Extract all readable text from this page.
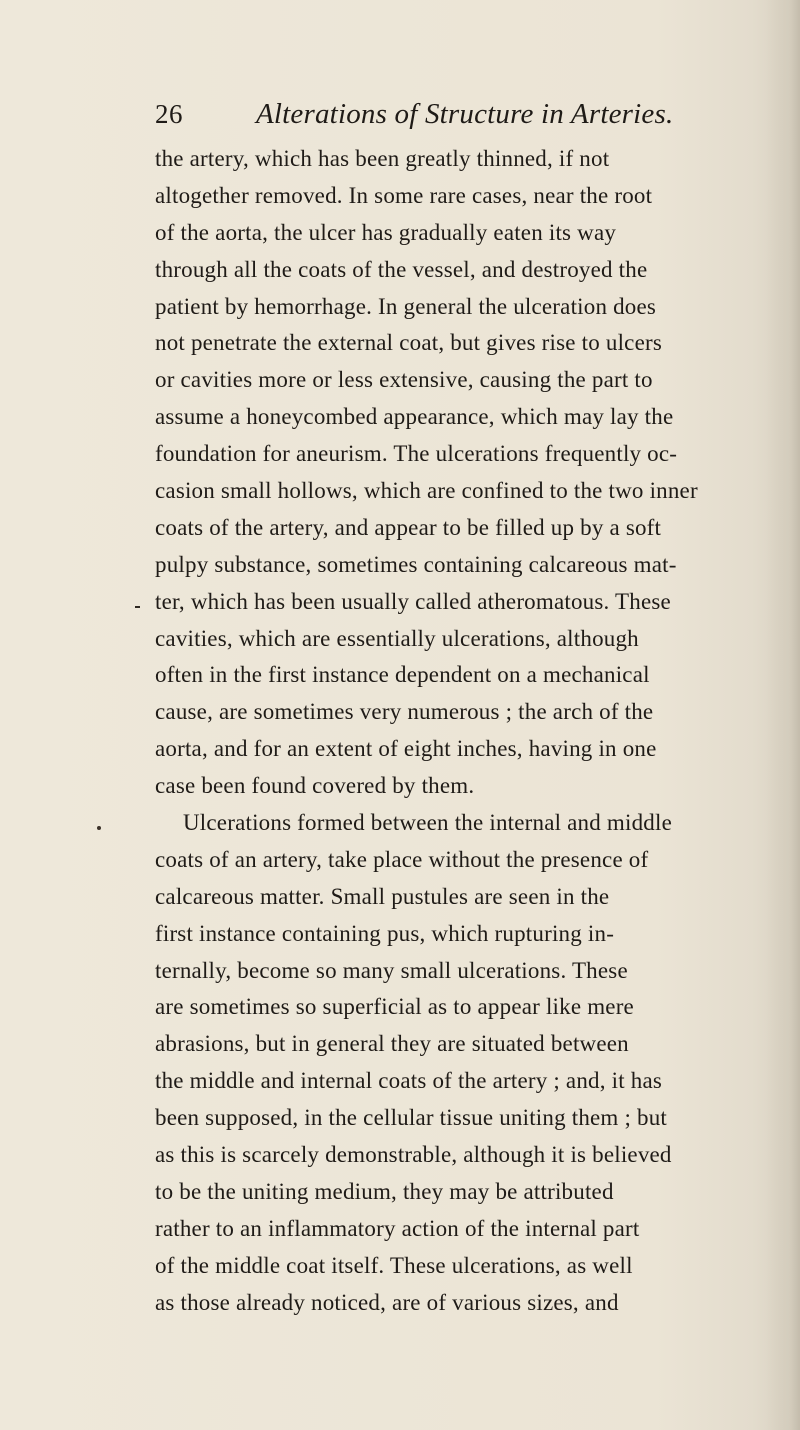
26	Alterations of Structure in Arteries.
the artery, which has been greatly thinned, if not
altogether removed. In some rare cases, near the root
of the aorta, the ulcer has gradually eaten its way
through all the coats of the vessel, and destroyed the
patient by hemorrhage. In general the ulceration does
not penetrate the external coat, but gives rise to ulcers
or cavities more or less extensive, causing the part to
assume a honeycombed appearance, which may lay the
foundation for aneurism. The ulcerations frequently oc-
casion small hollows, which are confined to the two inner
coats of the artery, and appear to be filled up by a soft
pulpy substance, sometimes containing calcareous mat-
ter, which has been usually called atheromatous. These
cavities, which are essentially ulcerations, although
often in the first instance dependent on a mechanical
cause, are sometimes very numerous ; the arch of the
aorta, and for an extent of eight inches, having in one
case been found covered by them.
Ulcerations formed between the internal and middle
coats of an artery, take place without the presence of
calcareous matter. Small pustules are seen in the
first instance containing pus, which rupturing in-
ternally, become so many small ulcerations. These
are sometimes so superficial as to appear like mere
abrasions, but in general they are situated between
the middle and internal coats of the artery ; and, it has
been supposed, in the cellular tissue uniting them ; but
as this is scarcely demonstrable, although it is believed
to be the uniting medium, they may be attributed
rather to an inflammatory action of the internal part
of the middle coat itself. These ulcerations, as well
as those already noticed, are of various sizes, and
